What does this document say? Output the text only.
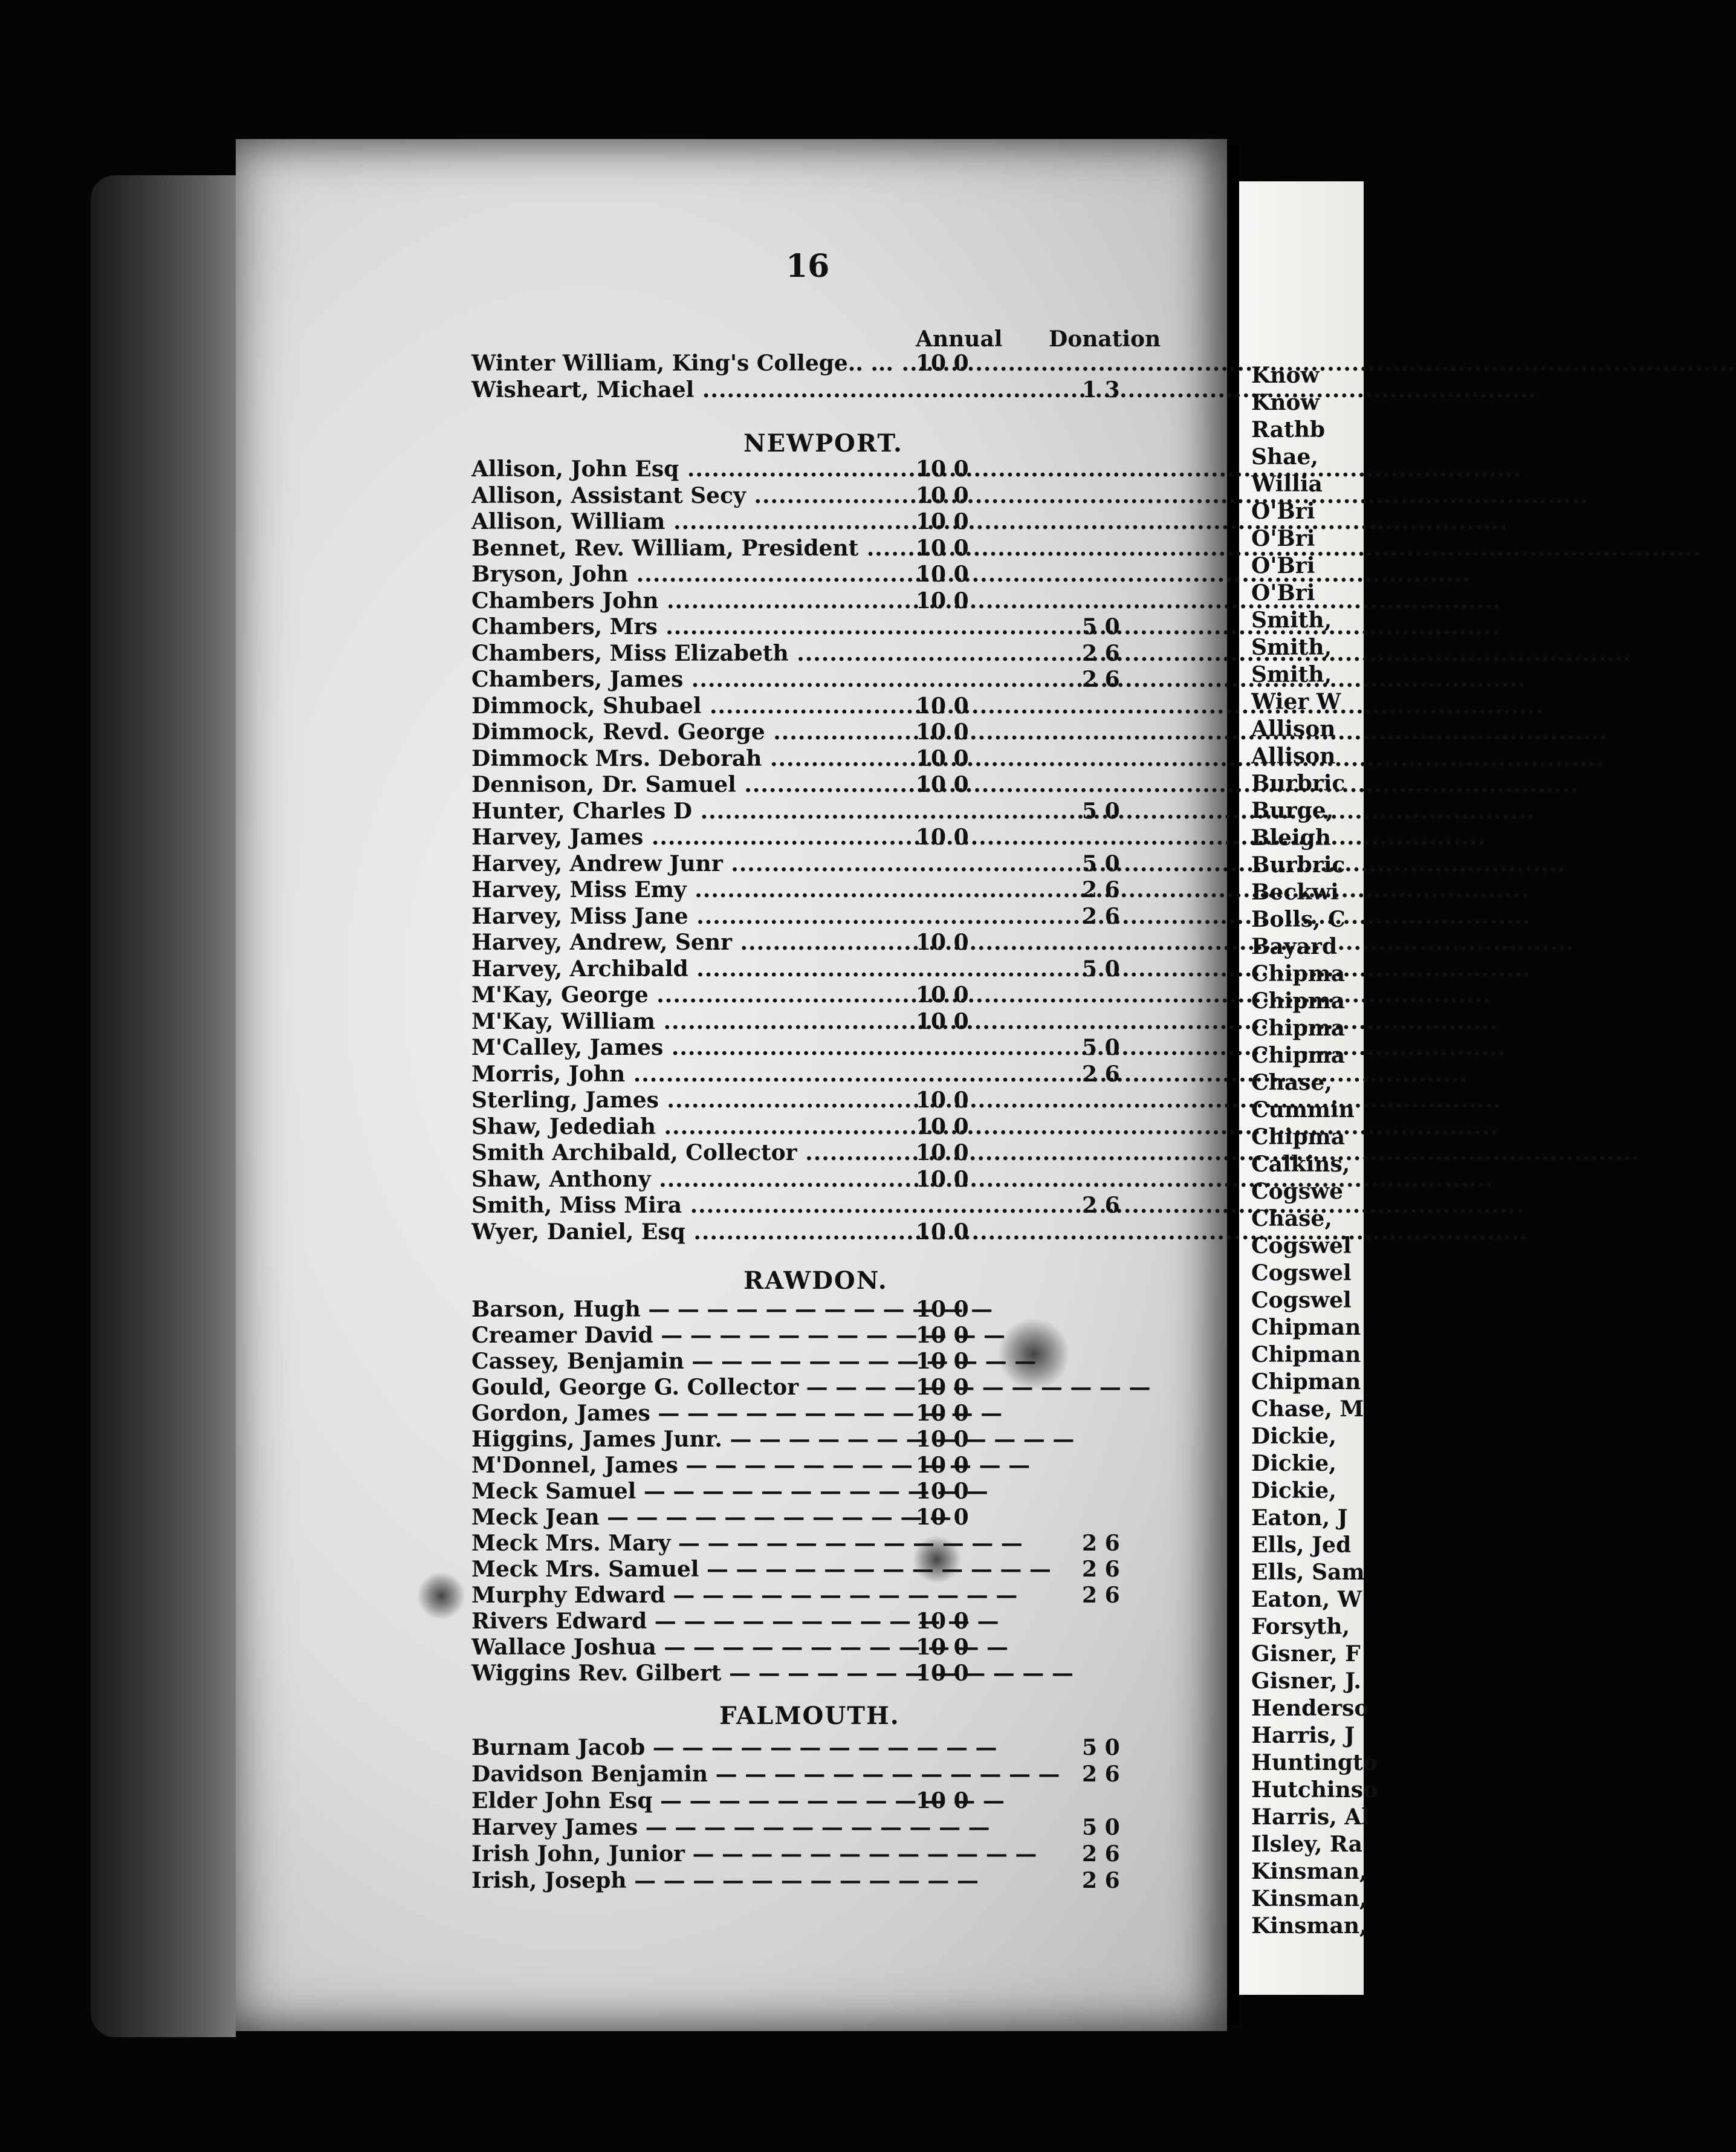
Know
Know
Rathb
Shae,
Willia
O'Bri
O'Bri
O'Bri
O'Bri
Smith,
Smith,
Smith,
Wier W
Allison
Allison
Burbric
Burge,
Bleigh
Burbric
Beckwi
Bolls, C
Bayard
Chipma
Chipma
Chipma
Chipma
Chase,
Cummin
Chipma
Calkins,
Cogswe
Chase,
Cogswel
Cogswel
Cogswel
Chipman
Chipman
Chipman
Chase, M
Dickie,
Dickie,
Dickie,
Eaton, J
Ells, Jed
Ells, Sam
Eaton, W
Forsyth,
Gisner, F
Gisner, J.
Henderso
Harris, J
Huntingto
Hutchinso
Harris, Al
Ilsley, Ra
Kinsman,
Kinsman,
Kinsman,
16
Annual Donation
NEWPORT.
RAWDON.
FALMOUTH.
Winter William, King's College.. ... ..... 10 0
Wisheart, Michael .....	1 3
Allison, John Esq .....	10 0
Allison, Assistant Secy .....	10 0
Allison, William .....	10 0
Bennet, Rev. William, President .....	10 0
Bryson, John .....	10 0
Chambers John .....	10 0
Chambers, Mrs .....	5 0
Chambers, Miss Elizabeth .....	2 6
Chambers, James .....	2 6
Dimmock, Shubael .....	10 0
Dimmock, Revd. George .....	10 0
Dimmock Mrs. Deborah .....	10 0
Dennison, Dr. Samuel .....	10 0
Hunter, Charles D .....	5 0
Harvey, James .....	10 0
Harvey, Andrew Junr .....	5 0
Harvey, Miss Emy .....	2 6
Harvey, Miss Jane .....	2 6
Harvey, Andrew, Senr .....	10 0
Harvey, Archibald .....	5 0
M'Kay, George .....	10 0
M'Kay, William .....	10 0
M'Calley, James .....	5 0
Morris, John .....	2 6
Sterling, James .....	10 0
Shaw, Jedediah .....	10 0
Smith Archibald, Collector .....	10 0
Shaw, Anthony .....	10 0
Smith, Miss Mira .....	2 6
Wyer, Daniel, Esq .....	10 0
Barson, Hugh —	10 0
Creamer David —	10 0
Cassey, Benjamin —	10 0
Gould, George G. Collector —	10 0
Gordon, James —	10 0
Higgins, James Junr. —	10 0
M'Donnel, James —	10 0
Meck Samuel —	10 0
Meck Jean —	10 0
Meck Mrs. Mary —	2 6
Meck Mrs. Samuel —	2 6
Murphy Edward —	2 6
Rivers Edward —	10 0
Wallace Joshua —	10 0
Wiggins Rev. Gilbert —	10 0
Burnam Jacob —	5 0
Davidson Benjamin —	2 6
Elder John Esq —	10 0
Harvey James —	5 0
Irish John, Junior —	2 6
Irish, Joseph —	2 6
